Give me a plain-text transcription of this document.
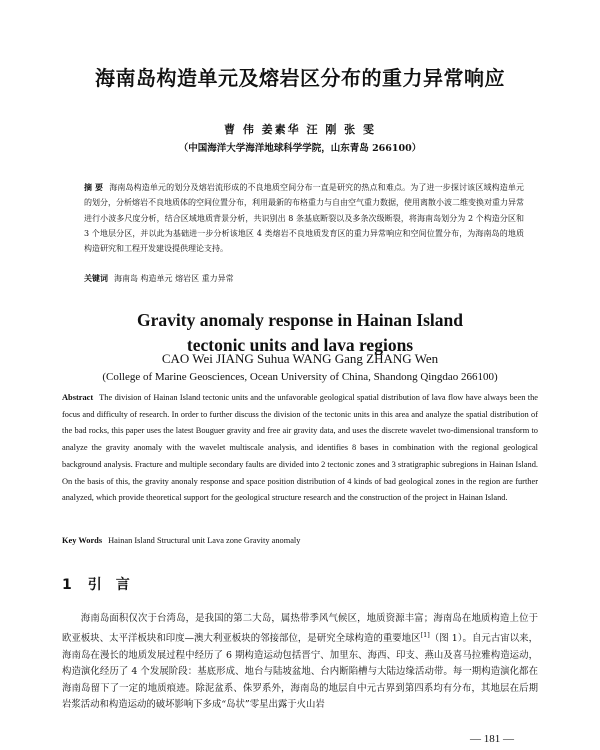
海南岛构造单元及熔岩区分布的重力异常响应
曹 伟 姜素华 汪 刚 张 雯
（中国海洋大学海洋地球科学学院，山东青岛 266100）

摘 要 海南岛构造单元的划分及熔岩流形成的不良地质空间分布一直是研究的热点和难点。为了进一步探讨该区域构造单元的划分，分析熔岩不良地质体的空间位置分布，利用最新的布格重力与自由空气重力数据，使用离散小波二维变换对重力异常进行小波多尺度分析，结合区域地质背景分析，共识别出 8 条基底断裂以及多条次级断裂，将海南岛划分为 2 个构造分区和 3 个地层分区，并以此为基础进一步分析该地区 4 类熔岩不良地质发育区的重力异常响应和空间位置分布，为海南岛的地质构造研究和工程开发建设提供理论支持。

关键词 海南岛 构造单元 熔岩区 重力异常

Gravity anomaly response in Hainan Island
tectonic units and lava regions
CAO Wei JIANG Suhua WANG Gang ZHANG Wen
(College of Marine Geosciences, Ocean University of China, Shandong Qingdao 266100)

Abstract The division of Hainan Island tectonic units and the unfavorable geological spatial distribution of lava flow have always been the focus and difficulty of research. In order to further discuss the division of the tectonic units in this area and analyze the spatial distribution of the bad rocks, this paper uses the latest Bouguer gravity and free air gravity data, and uses the discrete wavelet two-dimensional transform to analyze the gravity anomaly with the wavelet multiscale analysis, and identifies 8 bases in combination with the regional geological background analysis. Fracture and multiple secondary faults are divided into 2 tectonic zones and 3 stratigraphic subregions in Hainan Island. On the basis of this, the gravity anonaly response and space position distribution of 4 kinds of bad geological zones in the region are further analyzed, which provide theoretical support for the geological structure research and the construction of the project in Hainan Island.

Key Words Hainan Island Structural unit Lava zone Gravity anomaly

1 引言

海南岛面积仅次于台湾岛，是我国的第二大岛，属热带季风气候区，地质资源丰富；海南岛在地质构造上位于欧亚板块、太平洋板块和印度—澳大利亚板块的邻接部位，是研究全球构造的重要地区[1]（图 1）。自元古宙以来，海南岛在漫长的地质发展过程中经历了 6 期构造运动包括晋宁、加里东、海西、印支、燕山及喜马拉雅构造运动，构造演化经历了 4 个发展阶段：基底形成、地台与陆坡盆地、台内断陷槽与大陆边缘活动带。每一期构造演化都在海南岛留下了一定的地质痕迹。除泥盆系、侏罗系外，海南岛的地层自中元古界到第四系均有分布，其地层在后期岩浆活动和构造运动的破坏影响下多成“岛状”零星出露于火山岩

— 181 —
